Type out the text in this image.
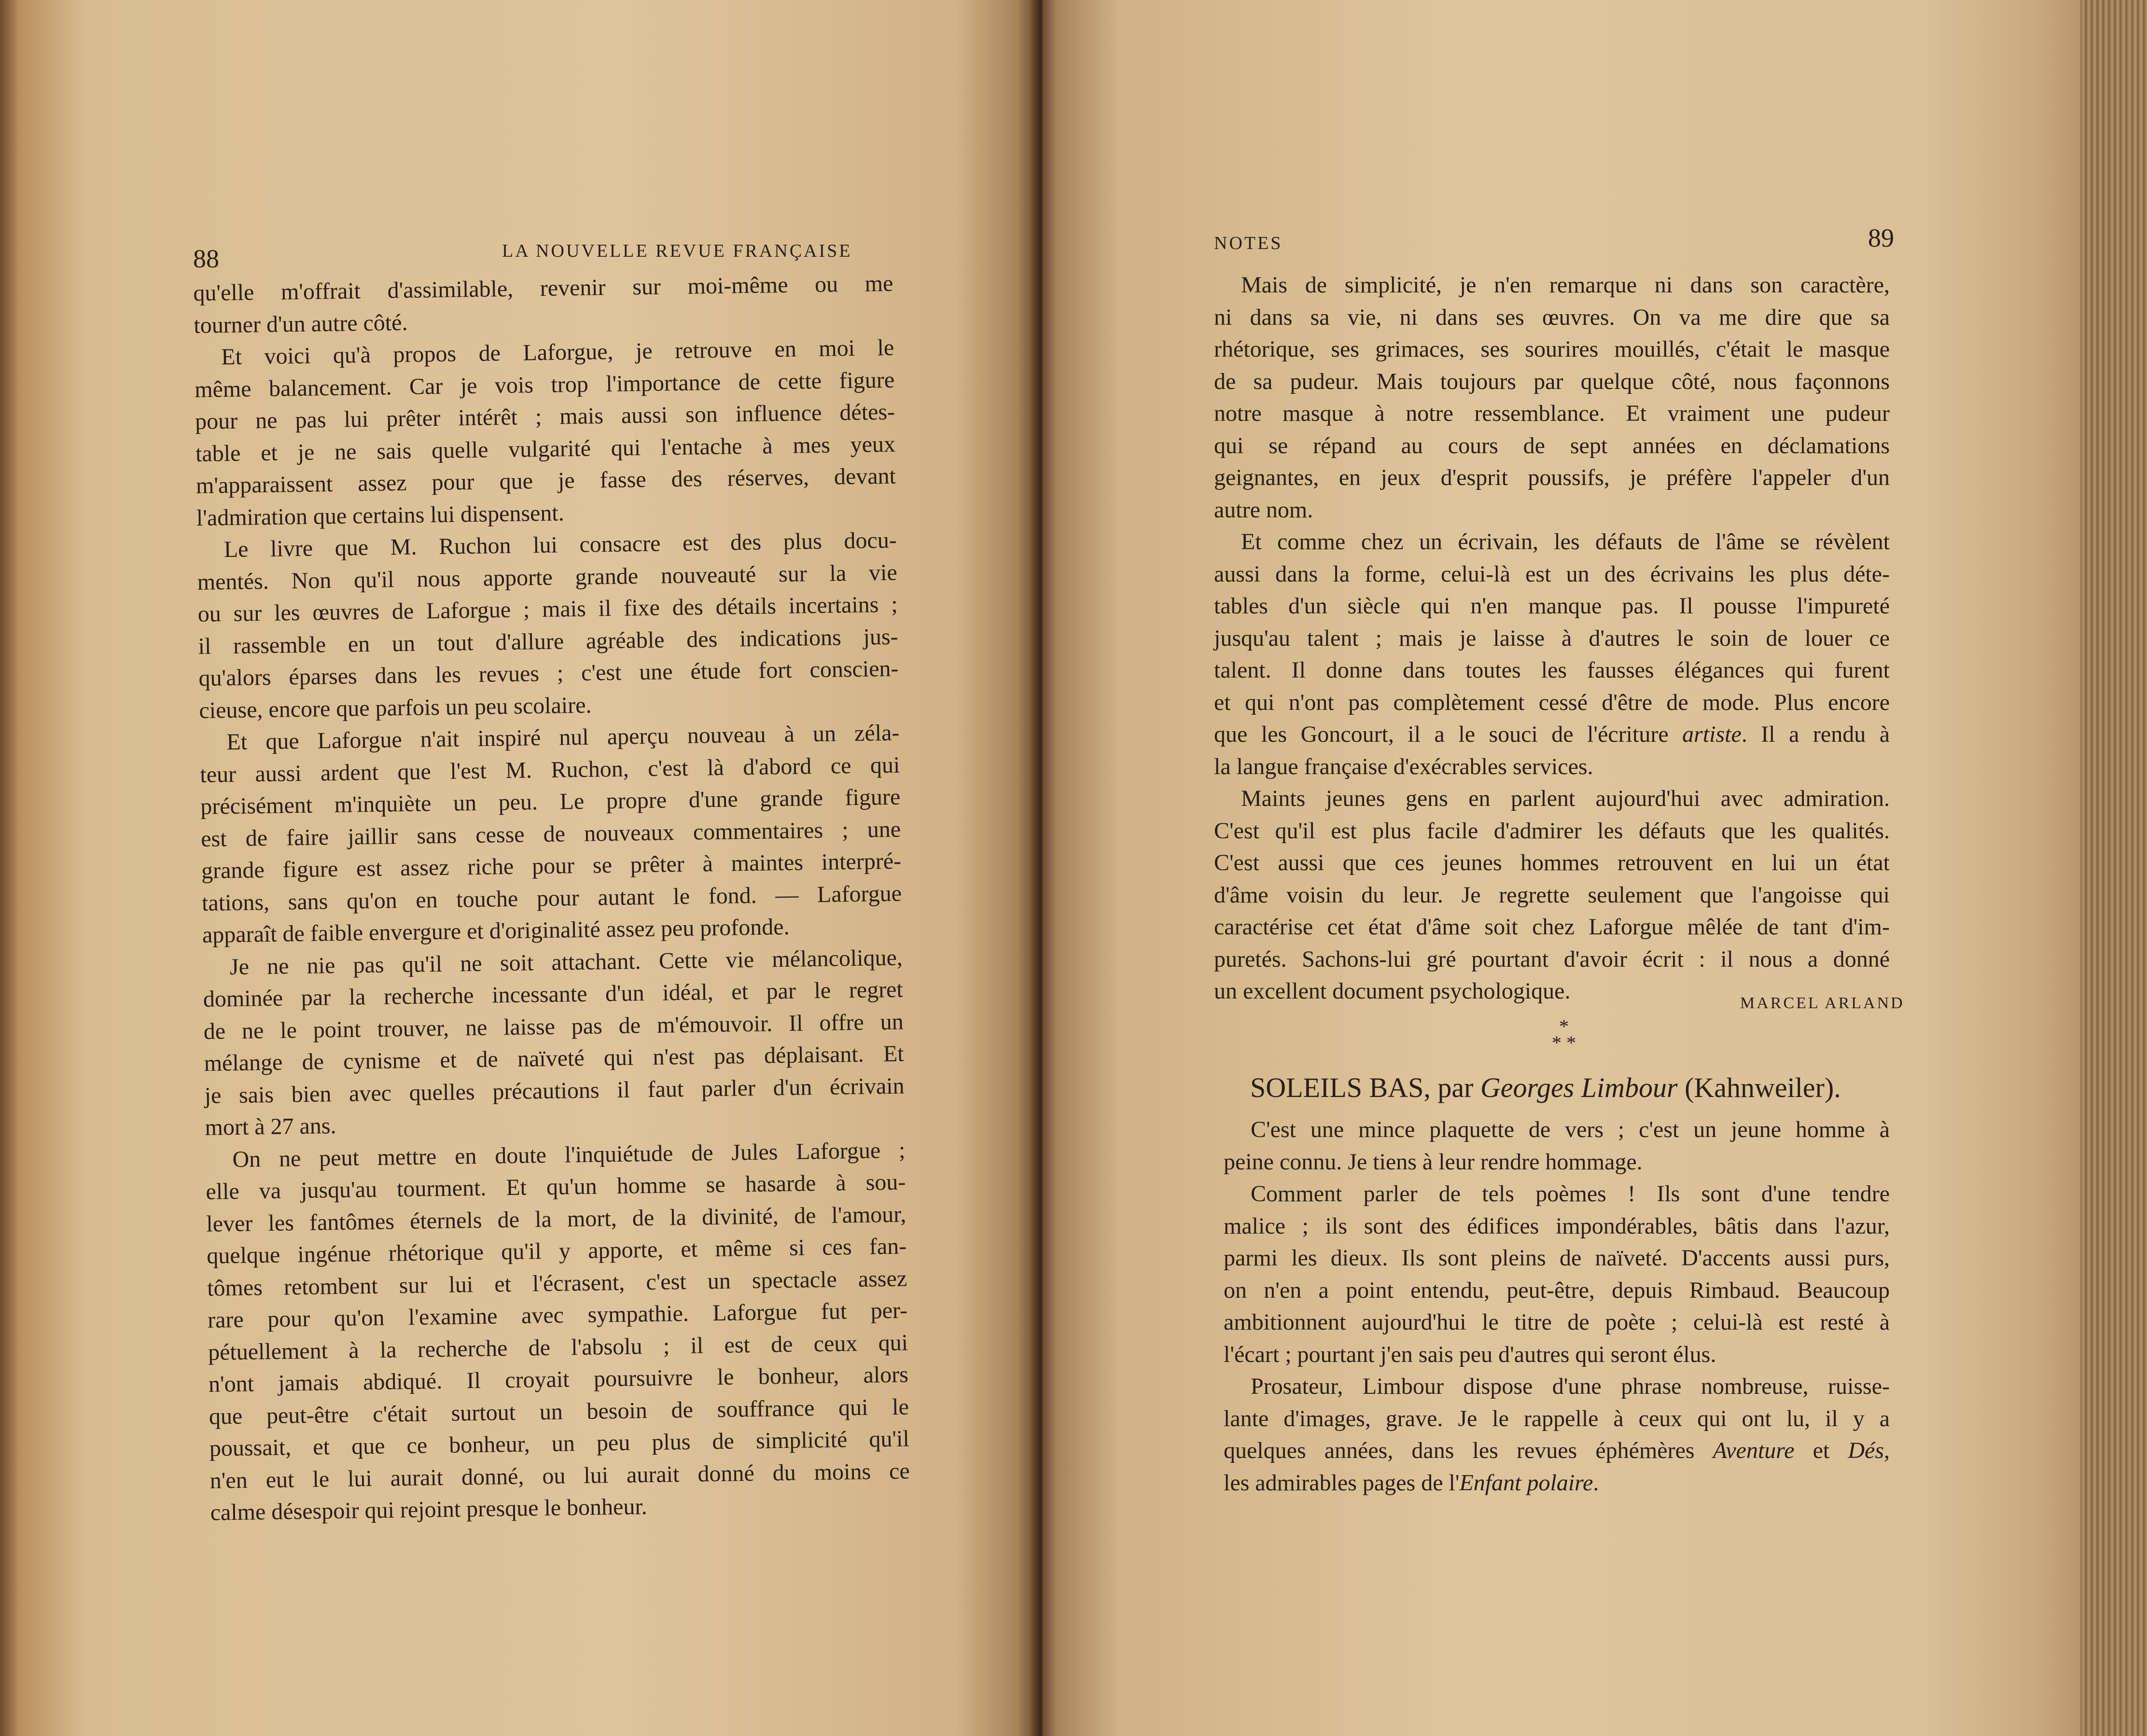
88	LA NOUVELLE REVUE FRANÇAISE
qu'elle m'offrait d'assimilable, revenir sur moi-même ou me
tourner d'un autre côté.
Et voici qu'à propos de Laforgue, je retrouve en moi le
même balancement. Car je vois trop l'importance de cette figure
pour ne pas lui prêter intérêt ; mais aussi son influence détes-
table et je ne sais quelle vulgarité qui l'entache à mes yeux
m'apparaissent assez pour que je fasse des réserves, devant
l'admiration que certains lui dispensent.
Le livre que M. Ruchon lui consacre est des plus docu-
mentés. Non qu'il nous apporte grande nouveauté sur la vie
ou sur les œuvres de Laforgue ; mais il fixe des détails incertains ;
il rassemble en un tout d'allure agréable des indications jus-
qu'alors éparses dans les revues ; c'est une étude fort conscien-
cieuse, encore que parfois un peu scolaire.
Et que Laforgue n'ait inspiré nul aperçu nouveau à un zéla-
teur aussi ardent que l'est M. Ruchon, c'est là d'abord ce qui
précisément m'inquiète un peu. Le propre d'une grande figure
est de faire jaillir sans cesse de nouveaux commentaires ; une
grande figure est assez riche pour se prêter à maintes interpré-
tations, sans qu'on en touche pour autant le fond. — Laforgue
apparaît de faible envergure et d'originalité assez peu profonde.
Je ne nie pas qu'il ne soit attachant. Cette vie mélancolique,
dominée par la recherche incessante d'un idéal, et par le regret
de ne le point trouver, ne laisse pas de m'émouvoir. Il offre un
mélange de cynisme et de naïveté qui n'est pas déplaisant. Et
je sais bien avec quelles précautions il faut parler d'un écrivain
mort à 27 ans.
On ne peut mettre en doute l'inquiétude de Jules Laforgue ;
elle va jusqu'au tourment. Et qu'un homme se hasarde à sou-
lever les fantômes éternels de la mort, de la divinité, de l'amour,
quelque ingénue rhétorique qu'il y apporte, et même si ces fan-
tômes retombent sur lui et l'écrasent, c'est un spectacle assez
rare pour qu'on l'examine avec sympathie. Laforgue fut per-
pétuellement à la recherche de l'absolu ; il est de ceux qui
n'ont jamais abdiqué. Il croyait poursuivre le bonheur, alors
que peut-être c'était surtout un besoin de souffrance qui le
poussait, et que ce bonheur, un peu plus de simplicité qu'il
n'en eut le lui aurait donné, ou lui aurait donné du moins ce
calme désespoir qui rejoint presque le bonheur.
NOTES	89
Mais de simplicité, je n'en remarque ni dans son caractère,
ni dans sa vie, ni dans ses œuvres. On va me dire que sa
rhétorique, ses grimaces, ses sourires mouillés, c'était le masque
de sa pudeur. Mais toujours par quelque côté, nous façonnons
notre masque à notre ressemblance. Et vraiment une pudeur
qui se répand au cours de sept années en déclamations
geignantes, en jeux d'esprit poussifs, je préfère l'appeler d'un
autre nom.
Et comme chez un écrivain, les défauts de l'âme se révèlent
aussi dans la forme, celui-là est un des écrivains les plus déte-
tables d'un siècle qui n'en manque pas. Il pousse l'impureté
jusqu'au talent ; mais je laisse à d'autres le soin de louer ce
talent. Il donne dans toutes les fausses élégances qui furent
et qui n'ont pas complètement cessé d'être de mode. Plus encore
que les Goncourt, il a le souci de l'écriture artiste. Il a rendu à
la langue française d'exécrables services.
Maints jeunes gens en parlent aujourd'hui avec admiration.
C'est qu'il est plus facile d'admirer les défauts que les qualités.
C'est aussi que ces jeunes hommes retrouvent en lui un état
d'âme voisin du leur. Je regrette seulement que l'angoisse qui
caractérise cet état d'âme soit chez Laforgue mêlée de tant d'im-
puretés. Sachons-lui gré pourtant d'avoir écrit : il nous a donné
un excellent document psychologique.	MARCEL ARLAND
*
* *
SOLEILS BAS, par Georges Limbour (Kahnweiler).
C'est une mince plaquette de vers ; c'est un jeune homme à
peine connu. Je tiens à leur rendre hommage.
Comment parler de tels poèmes ! Ils sont d'une tendre
malice ; ils sont des édifices impondérables, bâtis dans l'azur,
parmi les dieux. Ils sont pleins de naïveté. D'accents aussi purs,
on n'en a point entendu, peut-être, depuis Rimbaud. Beaucoup
ambitionnent aujourd'hui le titre de poète ; celui-là est resté à
l'écart ; pourtant j'en sais peu d'autres qui seront élus.
Prosateur, Limbour dispose d'une phrase nombreuse, ruisse-
lante d'images, grave. Je le rappelle à ceux qui ont lu, il y a
quelques années, dans les revues éphémères Aventure et Dés,
les admirables pages de l'Enfant polaire.
